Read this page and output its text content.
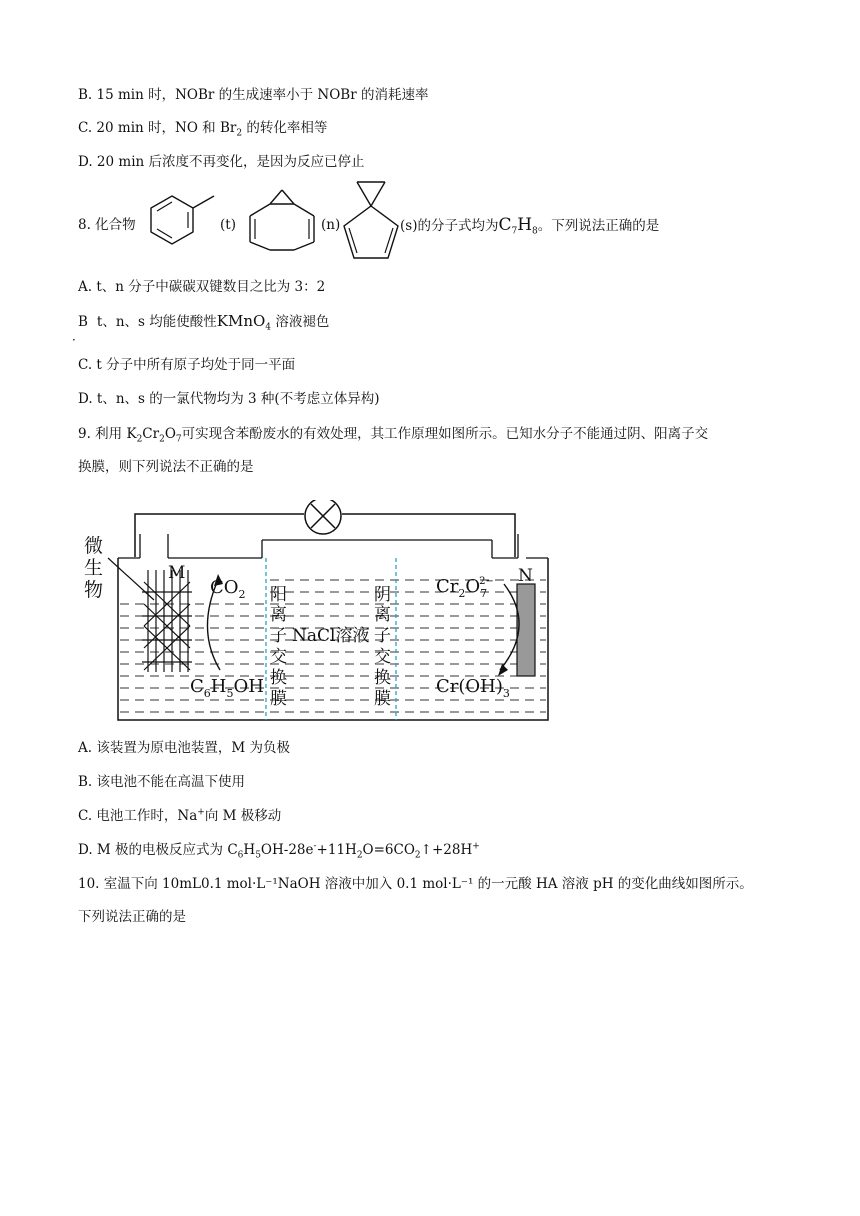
B. 15 min 时，NOBr 的生成速率小于 NOBr 的消耗速率
C. 20 min 时，NO 和 $Br_2$ 的转化率相等
D. 20 min 后浓度不再变化，是因为反应已停止
8. 化合物	(t)	(n)	(s)的分子式均为$C_7H_8$。下列说法正确的是
A. t、n 分子中碳碳双键数目之比为 3：2
B t、n、s 均能使酸性KMnO$_4$ 溶液褪色
．
C. t 分子中所有原子均处于同一平面
D. t、n、s 的一氯代物均为 3 种(不考虑立体异构)
9. 利用 $K_2Cr_2O_7$可实现含苯酚废水的有效处理，其工作原理如图所示。已知水分子不能通过阴、阳离子交
换膜，则下列说法不正确的是
微 生 物
M	N
$CO_2$
$C_6H_5OH$
$Cr_2O_72-$
$Cr(OH)_3$
NaCl溶液
阳 离 子 交 换 膜
阴 离 子 交 换 膜
A. 该装置为原电池装置，M 为负极
B. 该电池不能在高温下使用
C. 电池工作时，Na+向 M 极移动
D. M 极的电极反应式为 $C_6H_5OH-28e^-+11H_2O=6CO_2↑+28H^+$
10. 室温下向 10mL0.1 mol·L⁻¹NaOH 溶液中加入 0.1 mol·L⁻¹ 的一元酸 HA 溶液 pH 的变化曲线如图所示。
下列说法正确的是
